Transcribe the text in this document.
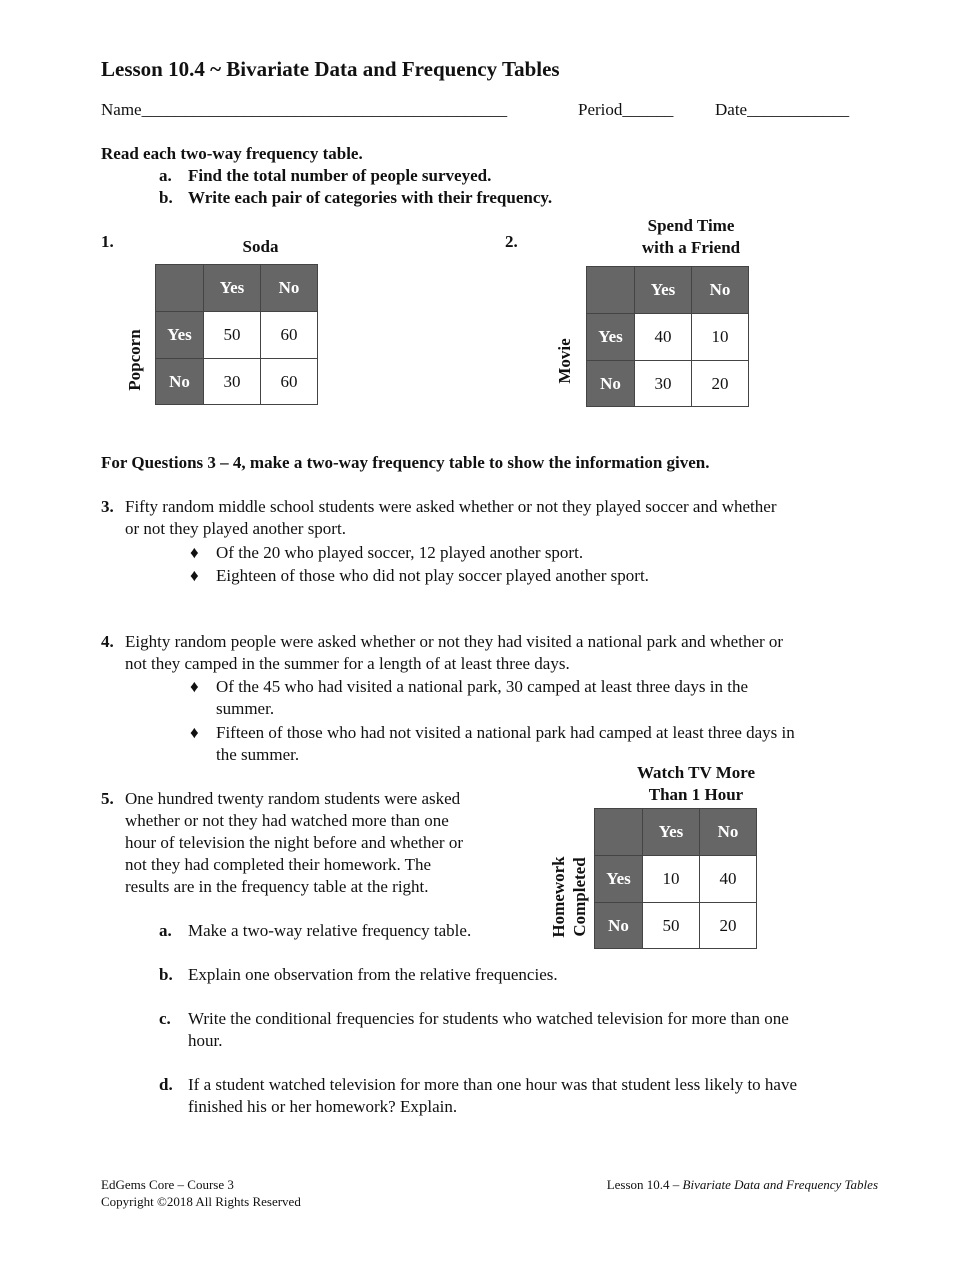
Lesson 10.4 ~ Bivariate Data and Frequency Tables
Name___________________________________________	Period______ Date____________
Read each two-way frequency table.
a. Find the total number of people surveyed.
b. Write each pair of categories with their frequency.
1.	Soda
Popcorn
	Yes	No
Yes	50	60
No	30	60
2.
Spend Time
with a Friend
Movie
	Yes	No
Yes	40	10
No	30	20
For Questions 3 – 4, make a two-way frequency table to show the information given.
3. Fifty random middle school students were asked whether or not they played soccer and whether
or not they played another sport.
♦ Of the 20 who played soccer, 12 played another sport.
♦ Eighteen of those who did not play soccer played another sport.
4. Eighty random people were asked whether or not they had visited a national park and whether or
not they camped in the summer for a length of at least three days.
♦ Of the 45 who had visited a national park, 30 camped at least three days in the
summer.
♦ Fifteen of those who had not visited a national park had camped at least three days in
the summer.
5. One hundred twenty random students were asked
whether or not they had watched more than one
hour of television the night before and whether or
not they had completed their homework. The
results are in the frequency table at the right.
Watch TV More
Than 1 Hour
Homework Completed
	Yes	No
Yes	10	40
No	50	20
a. Make a two-way relative frequency table.
b. Explain one observation from the relative frequencies.
c. Write the conditional frequencies for students who watched television for more than one
hour.
d. If a student watched television for more than one hour was that student less likely to have
finished his or her homework? Explain.
EdGems Core – Course 3
Copyright ©2018 All Rights Reserved
Lesson 10.4 – Bivariate Data and Frequency Tables
